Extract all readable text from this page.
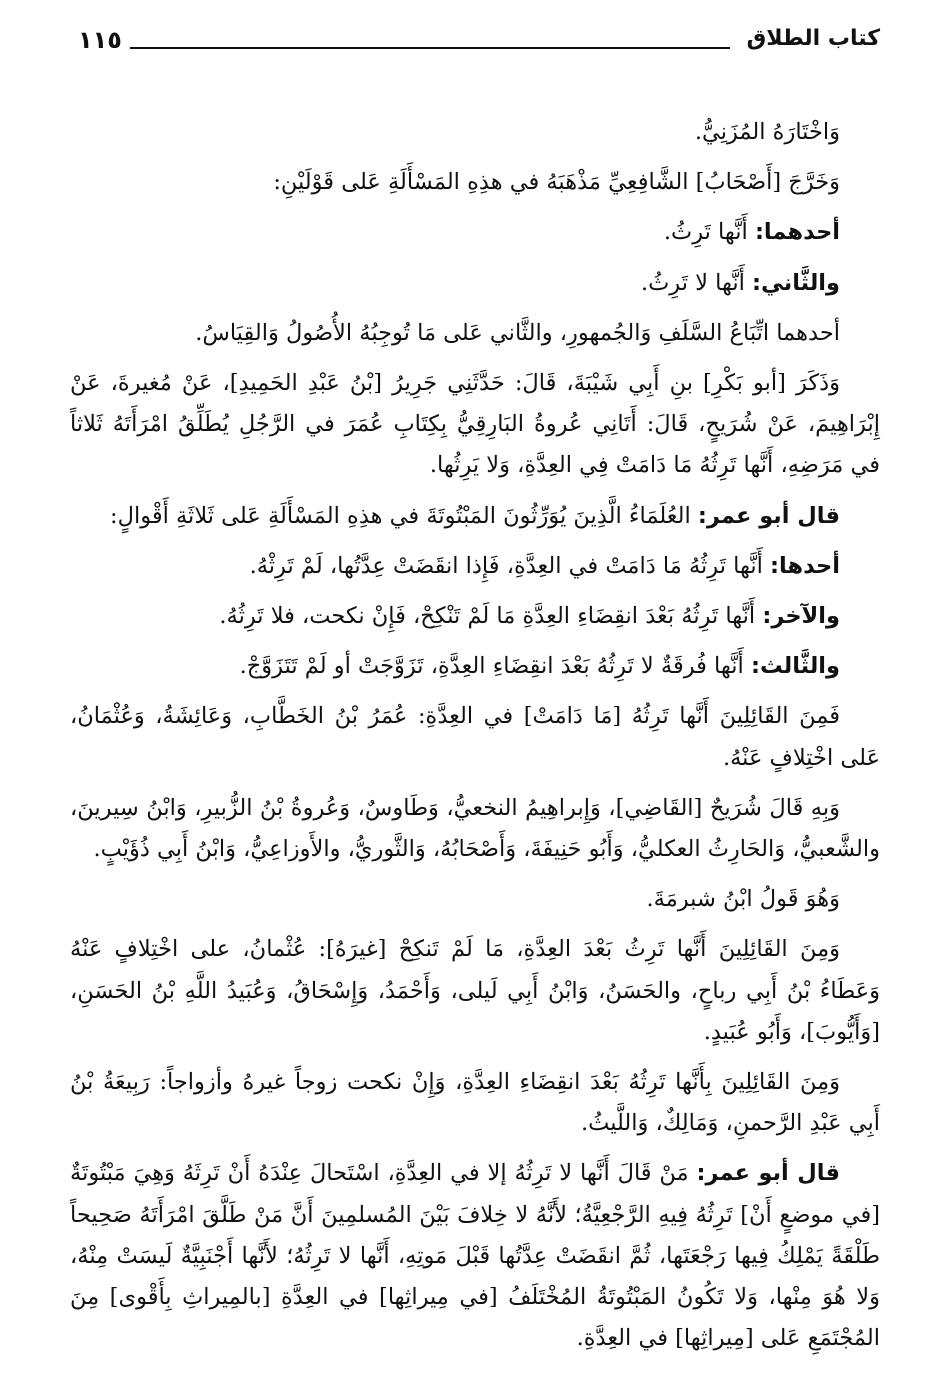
كتاب الطلاق
١١٥

وَاخْتَارَهُ المُزَنِيُّ.

وَخَرَّجَ [أَصْحَابُ] الشَّافِعِيِّ مَذْهَبَهُ في هذِهِ المَسْأَلَةِ عَلى قَوْلَيْنِ:

أحدهما: أَنَّها تَرِثُ.

والثَّاني: أَنَّها لا تَرِثُ.

أحدهما اتِّبَاعُ السَّلَفِ وَالجُمهورِ، والثَّاني عَلى مَا تُوجِبُهُ الأُصُولُ وَالقِيَاسُ.

وَذَكَرَ [أبو بَكْرِ] بنِ أَبِي شَيْبَةَ، قَالَ: حَدَّثَنِي جَرِيرُ [بْنُ عَبْدِ الحَمِيدِ]، عَنْ مُغيرةَ، عَنْ إِبْرَاهِيمَ، عَنْ شُرَيحٍ، قَالَ: أَتَانِي عُروةُ البَارِقِيُّ بِكِتَابِ عُمَرَ في الرَّجُلِ يُطَلِّقُ امْرَأَتَهُ ثَلاثاً في مَرَضِهِ، أَنَّها تَرِثُهُ مَا دَامَتْ فِي العِدَّةِ، وَلا يَرِثُها.

قال أبو عمر: العُلَمَاءُ الَّذِينَ يُوَرِّثُونَ المَبْتُوتَةَ في هذِهِ المَسْأَلَةِ عَلى ثَلاثَةِ أَقْوالٍ:

أحدها: أَنَّها تَرِثُهُ مَا دَامَتْ في العِدَّةِ، فَإِذا انقَضَتْ عِدَّتُها، لَمْ تَرِثْهُ.

والآخر: أَنَّها تَرِثُهُ بَعْدَ انقِضَاءِ العِدَّةِ مَا لَمْ تَنْكِحْ، فَإِنْ نكحت، فلا تَرِثُهُ.

والثَّالث: أَنَّها فُرقَةٌ لا تَرِثُهُ بَعْدَ انقِضَاءِ العِدَّةِ، تَزَوَّجَتْ أو لَمْ تَتَزَوَّجْ.

فَمِنَ القَائِلِينَ أَنَّها تَرِثُهُ [مَا دَامَتْ] في العِدَّةِ: عُمَرُ بْنُ الخَطَّابِ، وَعَائِشَةُ، وَعُثْمَانُ، عَلى اخْتِلافٍ عَنْهُ.

وَبِهِ قَالَ شُرَيحٌ [القَاضِي]، وَإِبراهِيمُ النخعيُّ، وَطَاوسٌ، وَعُروةُ بْنُ الزُّبيرِ، وَابْنُ سِيرينَ، والشَّعبيُّ، وَالحَارِثُ العكليُّ، وَأَبُو حَنِيفَةَ، وَأَصْحَابُهُ، وَالثَّوريُّ، والأَوزاعِيُّ، وَابْنُ أَبِي ذُؤَيْبٍ.

وَهُوَ قَولُ ابْنُ شبرمَةَ.

وَمِنَ القَائِلِينَ أَنَّها تَرِثُ بَعْدَ العِدَّةِ، مَا لَمْ تَنكِحْ [غيرَهُ]: عُثْمانُ، على اخْتِلافٍ عَنْهُ وَعَطَاءُ بْنُ أَبِي رباحٍ، والحَسَنُ، وَابْنُ أَبِي لَيلى، وَأَحْمَدُ، وَإِسْحَاقُ، وَعُبَيدُ اللَّهِ بْنُ الحَسَنِ، [وَأَيُّوبَ]، وَأَبُو عُبَيدٍ.

وَمِنَ القَائِلِينَ بِأَنَّها تَرِثُهُ بَعْدَ انقِضَاءِ العِدَّةِ، وَإِنْ نكحت زوجاً غيرهُ وأزواجاً: رَبِيعَةُ بْنُ أَبِي عَبْدِ الرَّحمنِ، وَمَالِكٌ، وَاللَّيثُ.

قال أبو عمر: مَنْ قَالَ أَنَّها لا تَرِثُهُ إلا في العِدَّةِ، اسْتَحالَ عِنْدَهُ أَنْ تَرِثَهُ وَهِيَ مَبْتُوتَةٌ [في موضعٍ أَنْ] تَرِثُهُ فِيهِ الرَّجْعِيَّةُ؛ لأَنَّهُ لا خِلافَ بَيْنَ المُسلمِينَ أَنَّ مَنْ طَلَّقَ امْرَأَتَهُ صَحِيحاً طَلْقَةً يَمْلِكُ فِيها رَجْعَتَها، ثُمَّ انقَضَتْ عِدَّتُها قَبْلَ مَوتِهِ، أَنَّها لا تَرِثُهُ؛ لأَنَّها أَجْنَبِيَّةٌ لَيسَتْ مِنْهُ، وَلا هُوَ مِنْها، وَلا تَكُونُ المَبْتُوتَةُ المُخْتَلَفُ [في مِيراثِها] في العِدَّةِ [بالمِيراثِ بِأَقْوى] مِنَ المُجْتَمَعِ عَلى [مِيراثِها] في العِدَّةِ.
